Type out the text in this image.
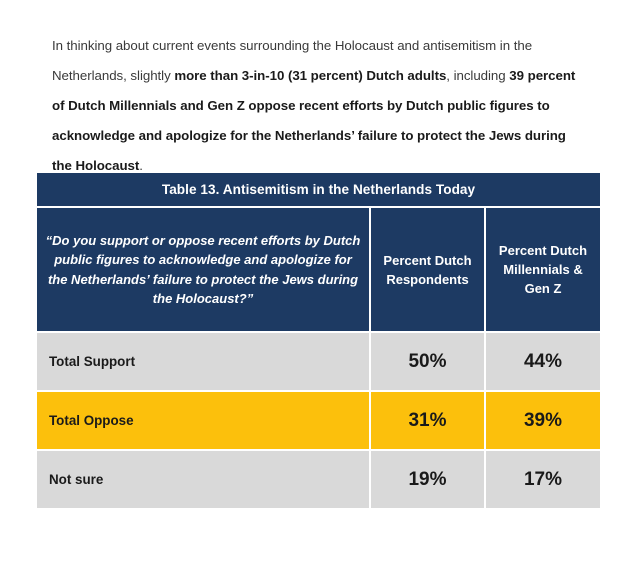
In thinking about current events surrounding the Holocaust and antisemitism in the Netherlands, slightly more than 3-in-10 (31 percent) Dutch adults, including 39 percent of Dutch Millennials and Gen Z oppose recent efforts by Dutch public figures to acknowledge and apologize for the Netherlands’ failure to protect the Jews during the Holocaust.

Table 13. Antisemitism in the Netherlands Today		
“Do you support or oppose recent efforts by Dutch public figures to acknowledge and apologize for the Netherlands’ failure to protect the Jews during the Holocaust?”	Percent Dutch Respondents	Percent Dutch Millennials & Gen Z
Total Support	50%	44%
Total Oppose	31%	39%
Not sure	19%	17%
